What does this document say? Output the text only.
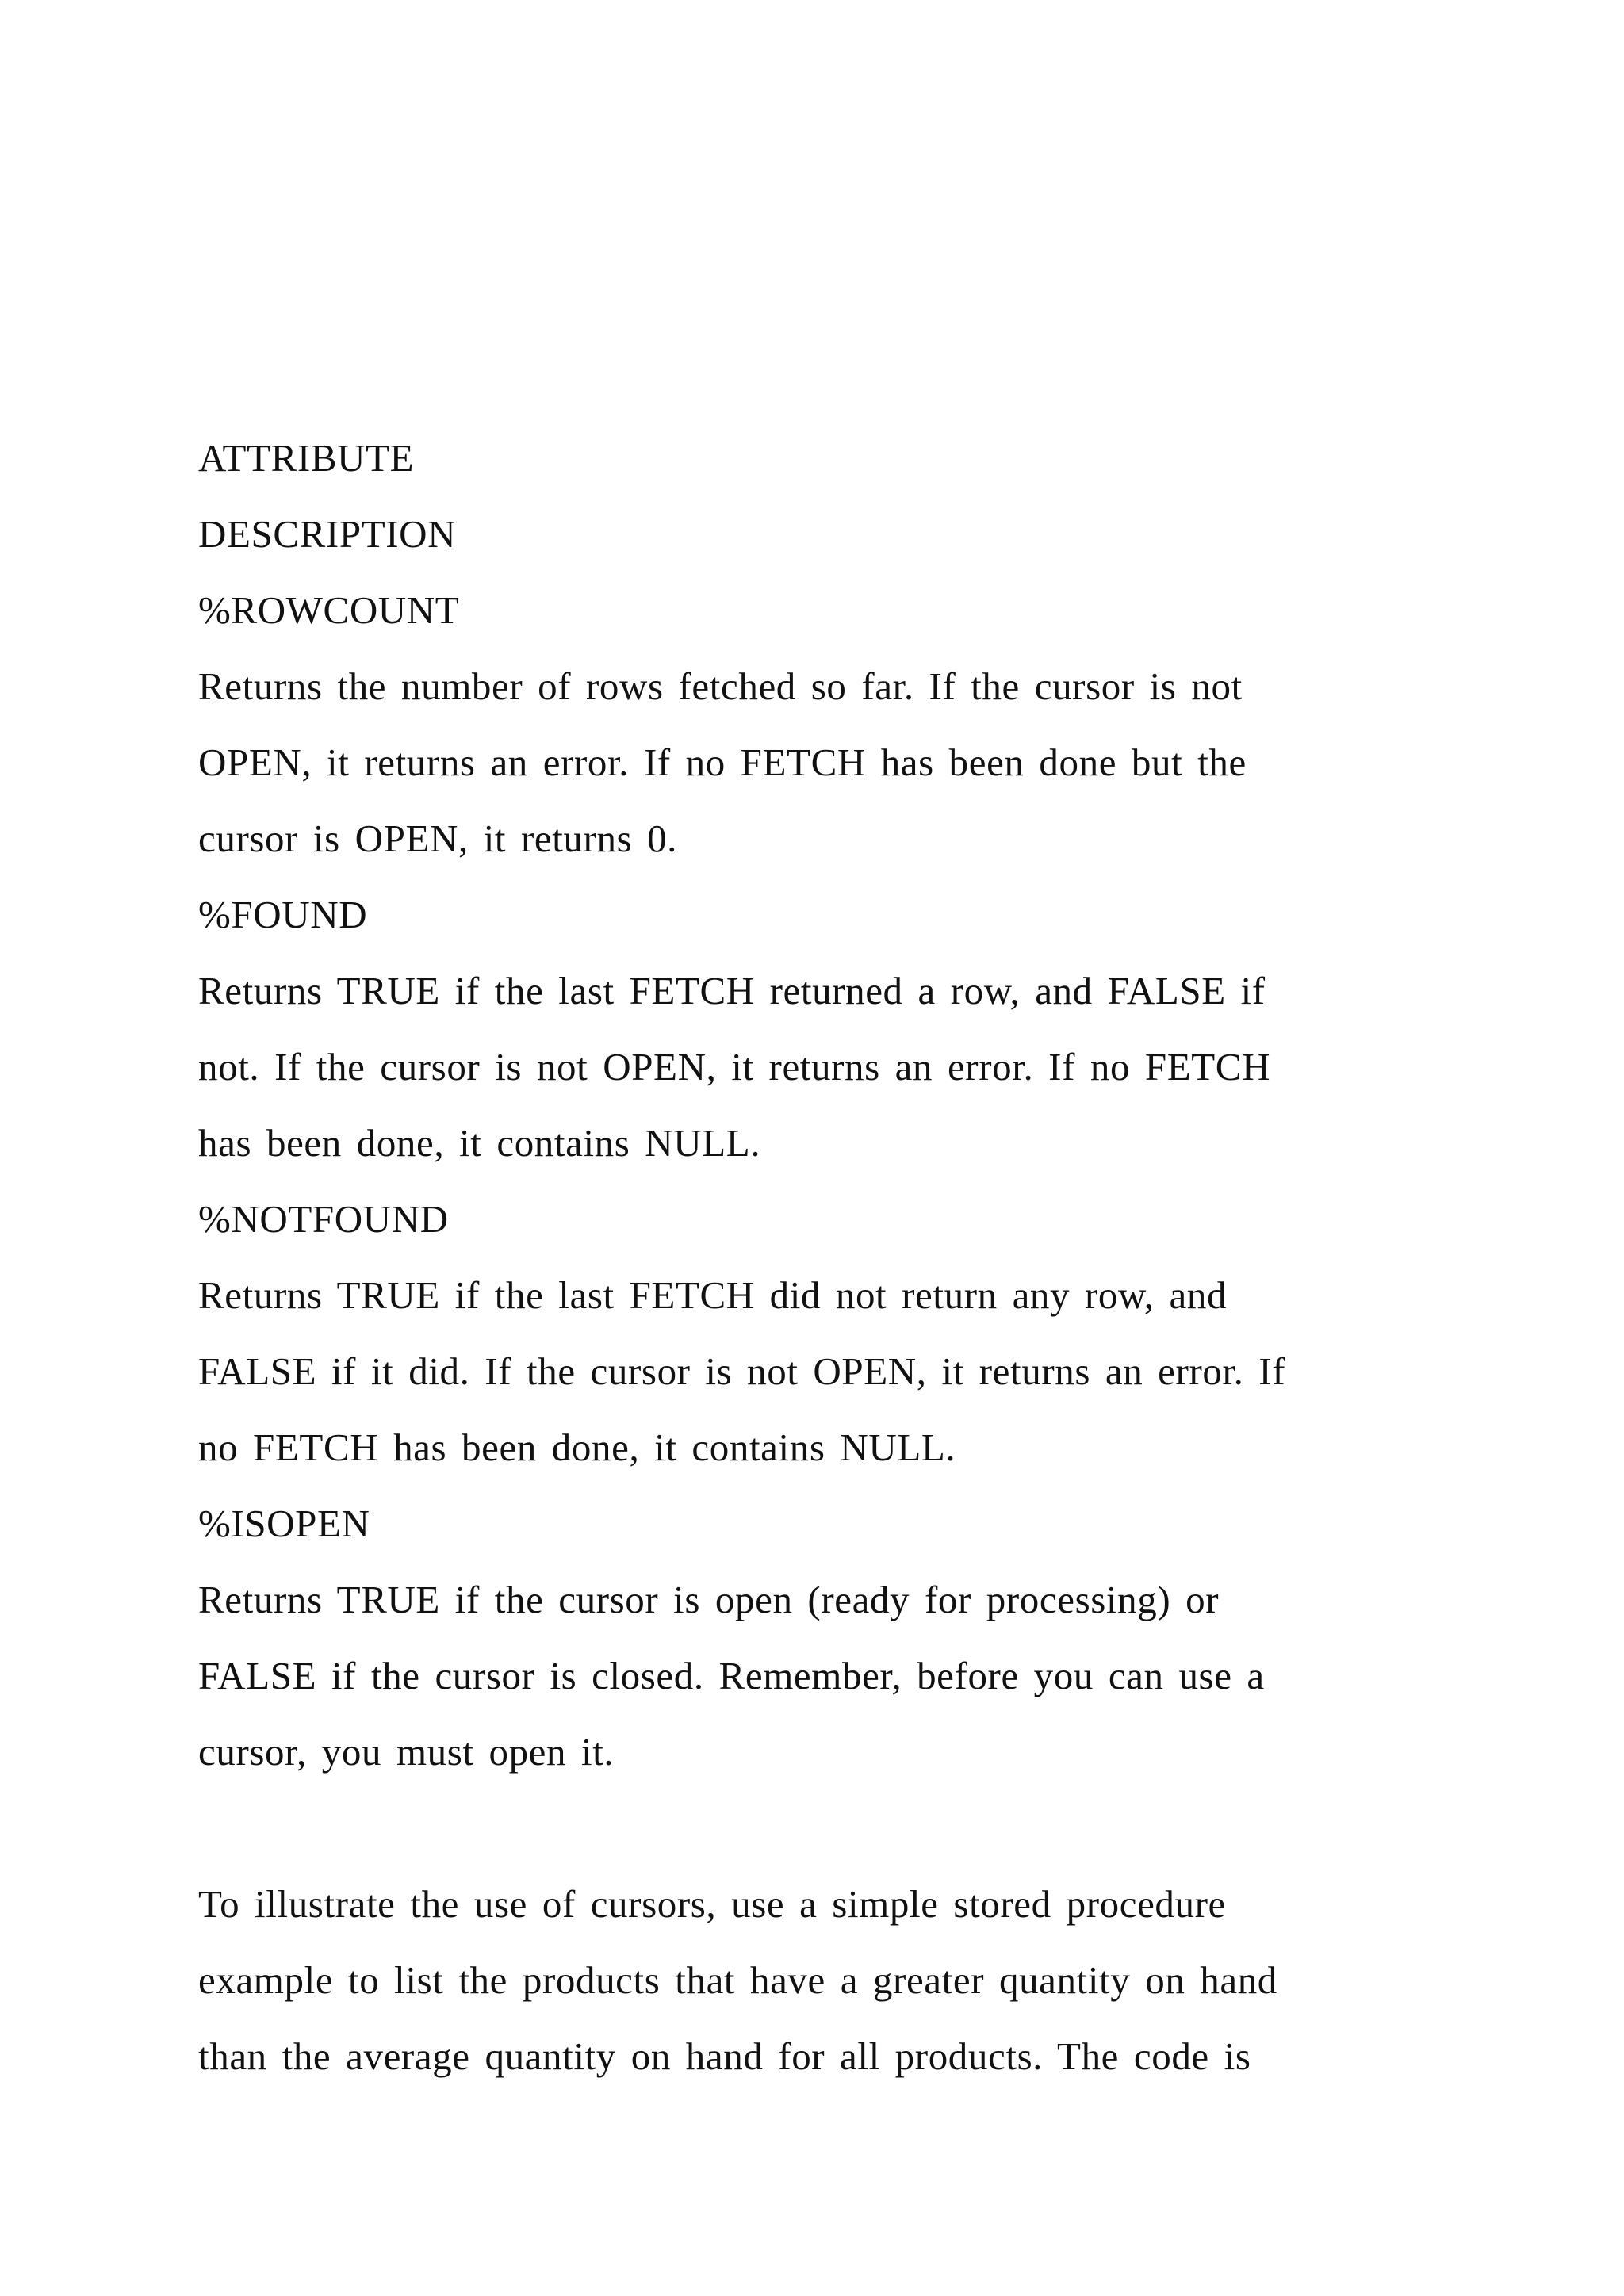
ATTRIBUTE
DESCRIPTION
%ROWCOUNT
Returns the number of rows fetched so far. If the cursor is not
OPEN, it returns an error. If no FETCH has been done but the
cursor is OPEN, it returns 0.
%FOUND
Returns TRUE if the last FETCH returned a row, and FALSE if
not. If the cursor is not OPEN, it returns an error. If no FETCH
has been done, it contains NULL.
%NOTFOUND
Returns TRUE if the last FETCH did not return any row, and
FALSE if it did. If the cursor is not OPEN, it returns an error. If
no FETCH has been done, it contains NULL.
%ISOPEN
Returns TRUE if the cursor is open (ready for processing) or
FALSE if the cursor is closed. Remember, before you can use a
cursor, you must open it.
To illustrate the use of cursors, use a simple stored procedure
example to list the products that have a greater quantity on hand
than the average quantity on hand for all products. The code is
